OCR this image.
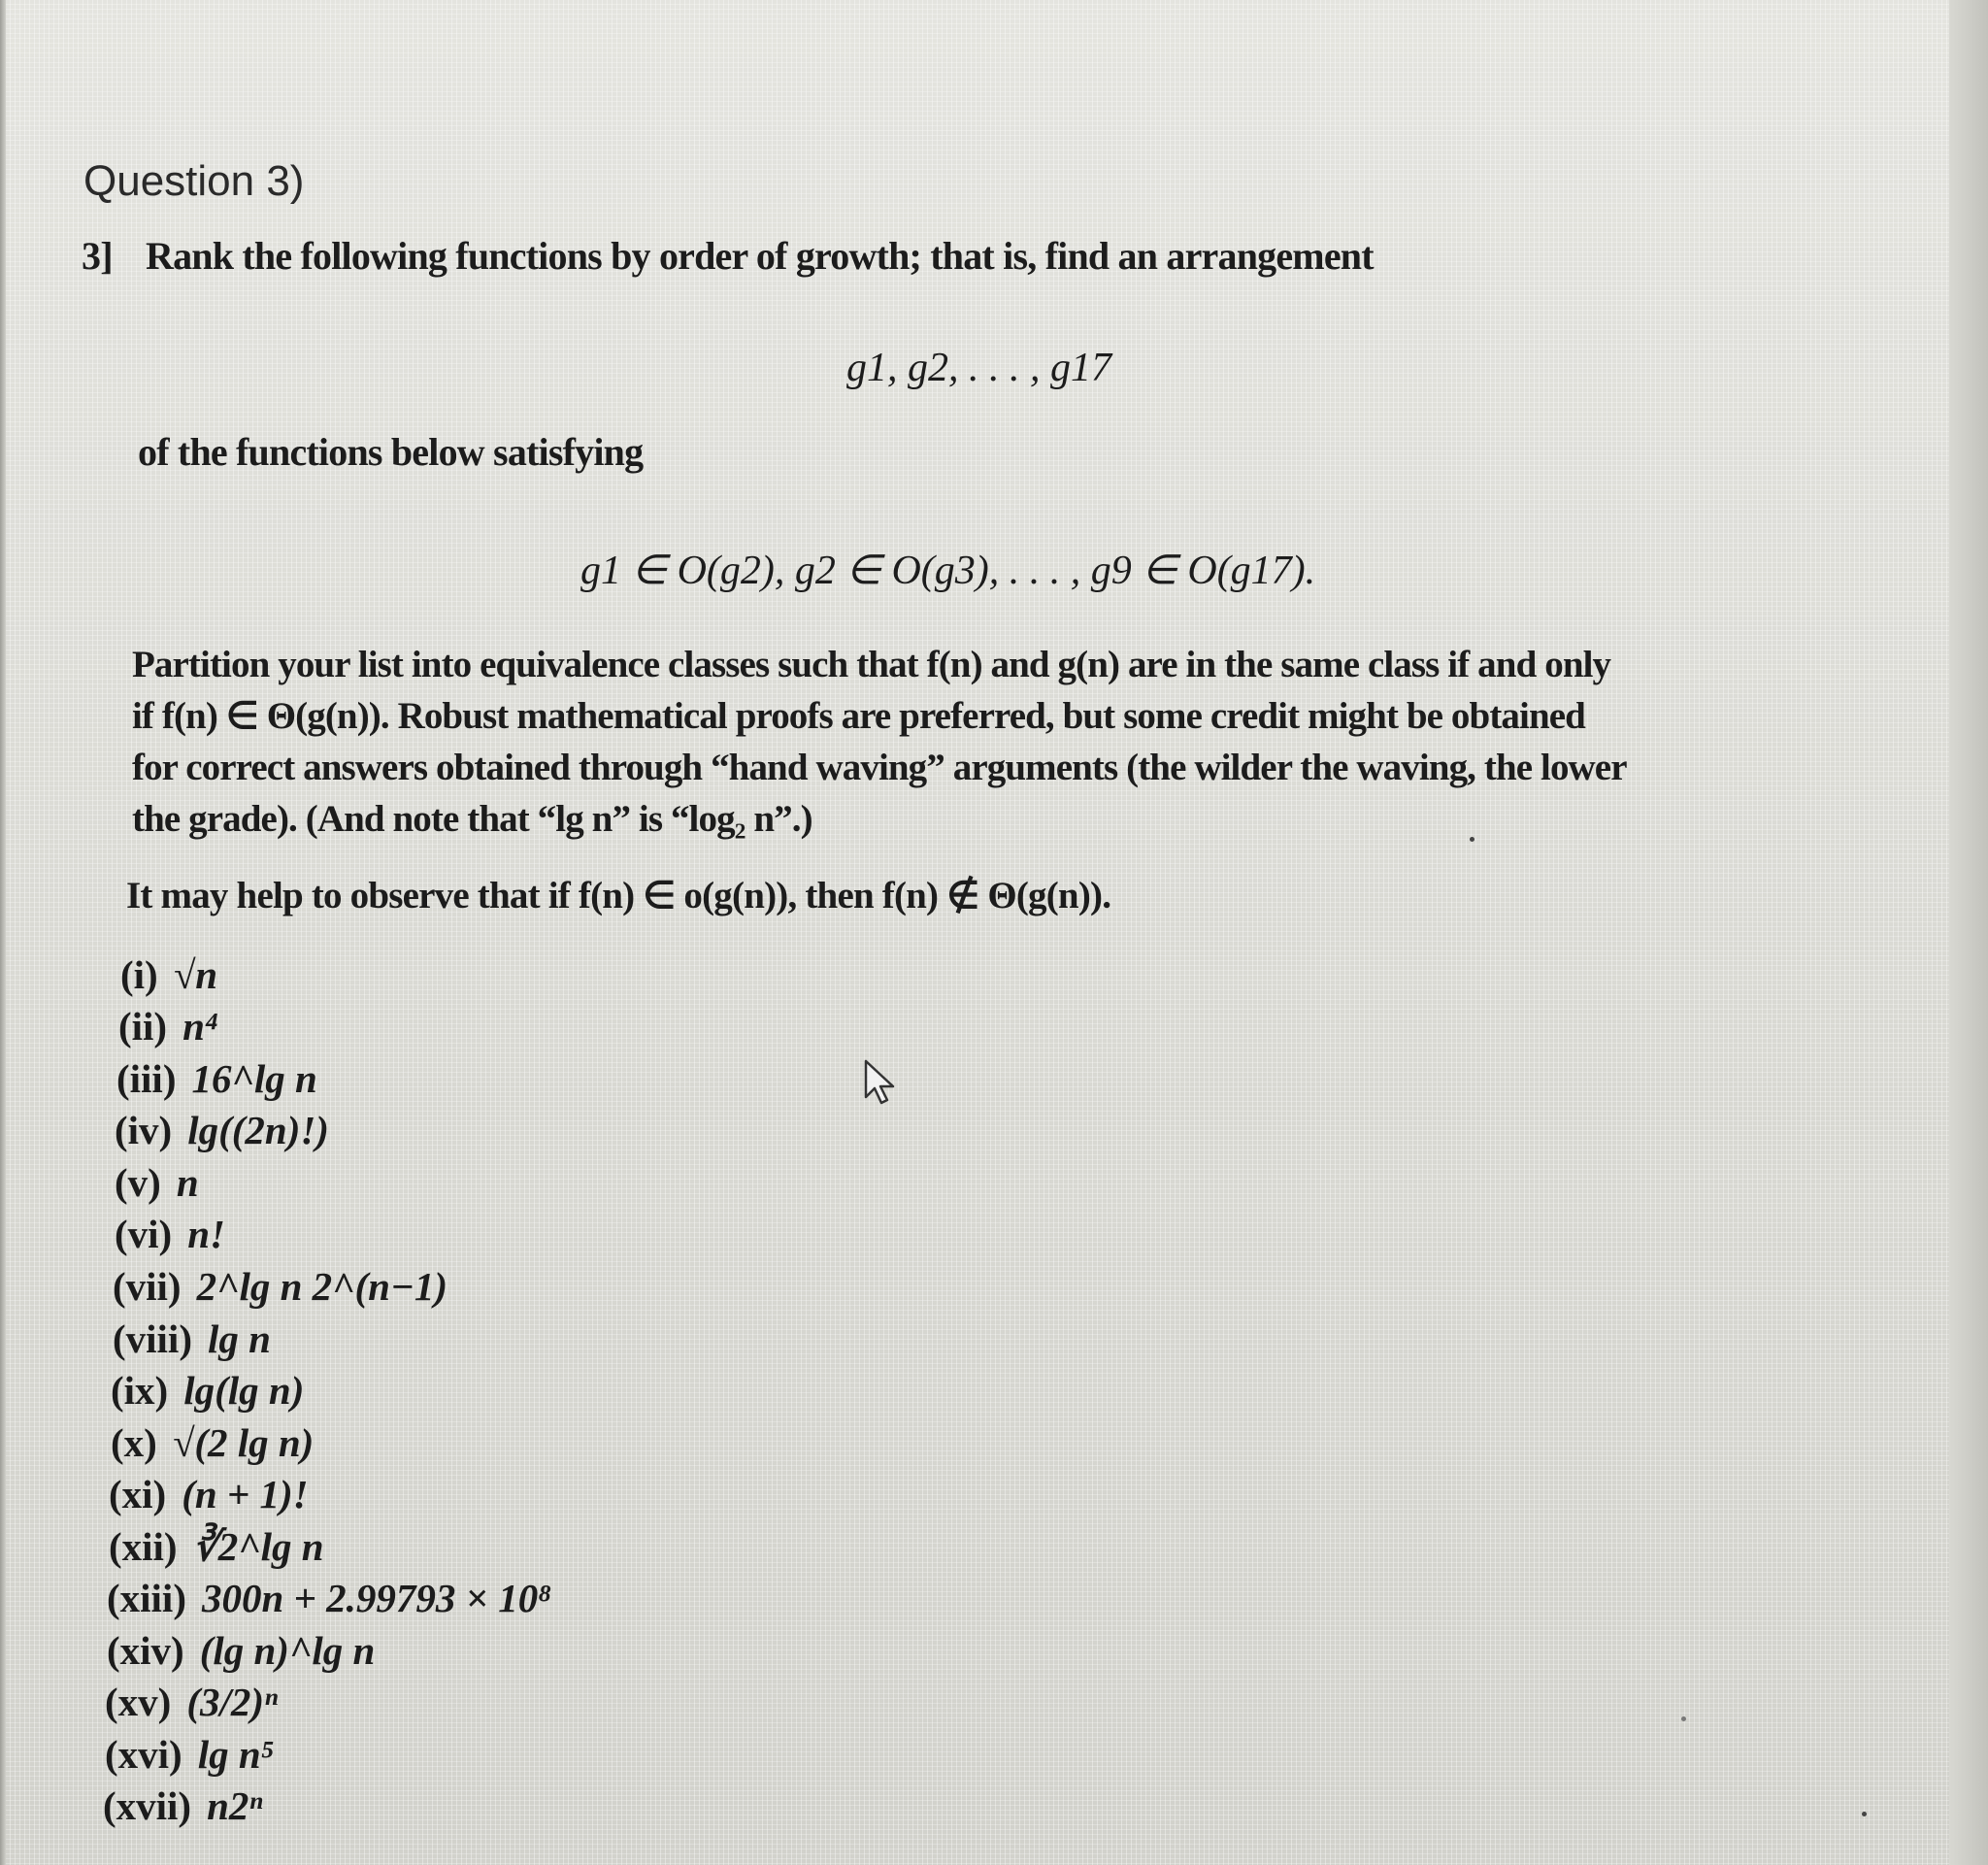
Question 3)
3] Rank the following functions by order of growth; that is, find an arrangement
g1, g2, . . . , g17
of the functions below satisfying
g1 ∈ O(g2), g2 ∈ O(g3), . . . , g9 ∈ O(g17).
Partition your list into equivalence classes such that f(n) and g(n) are in the same class if and only
if f(n) ∈ Θ(g(n)). Robust mathematical proofs are preferred, but some credit might be obtained
for correct answers obtained through “hand waving” arguments (the wilder the waving, the lower
the grade). (And note that “lg n” is “log₂ n”.)
It may help to observe that if f(n) ∈ o(g(n)), then f(n) ∉ Θ(g(n)).
(i) √n
(ii) n⁴
(iii) 16^lg n
(iv) lg((2n)!)
(v) n
(vi) n!
(vii) 2^lg n 2^(n−1)
(viii) lg n
(ix) lg(lg n)
(x) √(2 lg n)
(xi) (n + 1)!
(xii) ∛2^lg n
(xiii) 300n + 2.99793 × 10⁸
(xiv) (lg n)^lg n
(xv) (3/2)ⁿ
(xvi) lg n⁵
(xvii) n2ⁿ
